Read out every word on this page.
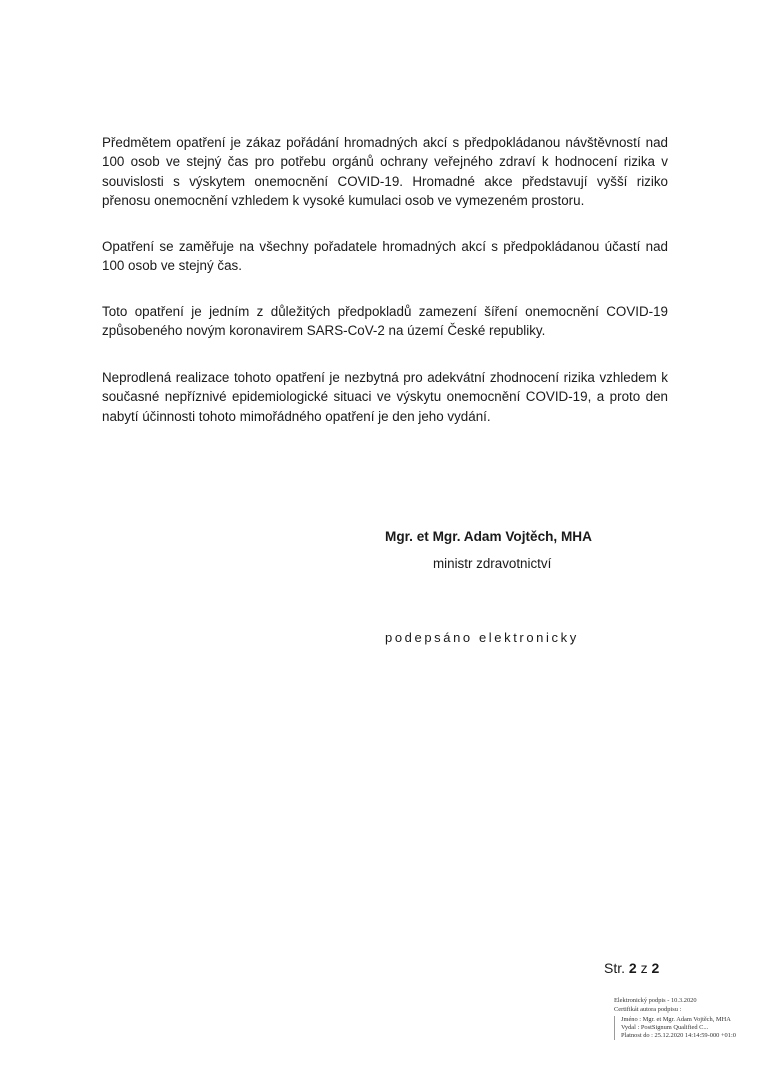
Předmětem opatření je zákaz pořádání hromadných akcí s předpokládanou návštěvností nad 100 osob ve stejný čas pro potřebu orgánů ochrany veřejného zdraví k hodnocení rizika v souvislosti s výskytem onemocnění COVID-19. Hromadné akce představují vyšší riziko přenosu onemocnění vzhledem k vysoké kumulaci osob ve vymezeném prostoru.

Opatření se zaměřuje na všechny pořadatele hromadných akcí s předpokládanou účastí nad 100 osob ve stejný čas.

Toto opatření je jedním z důležitých předpokladů zamezení šíření onemocnění COVID-19 způsobeného novým koronavirem SARS-CoV-2 na území České republiky.

Neprodlená realizace tohoto opatření je nezbytná pro adekvátní zhodnocení rizika vzhledem k současné nepříznivé epidemiologické situaci ve výskytu onemocnění COVID-19, a proto den nabytí účinnosti tohoto mimořádného opatření je den jeho vydání.

Mgr. et Mgr. Adam Vojtěch, MHA
ministr zdravotnictví
podepsáno elektronicky
Str. 2 z 2
Elektronický podpis - 10.3.2020
Certifikát autora podpisu :
Jméno : Mgr. et Mgr. Adam Vojtěch, MHA
Vydal : PostSignum Qualified C...
Platnost do : 25.12.2020 14:14:59-000 +01:0
